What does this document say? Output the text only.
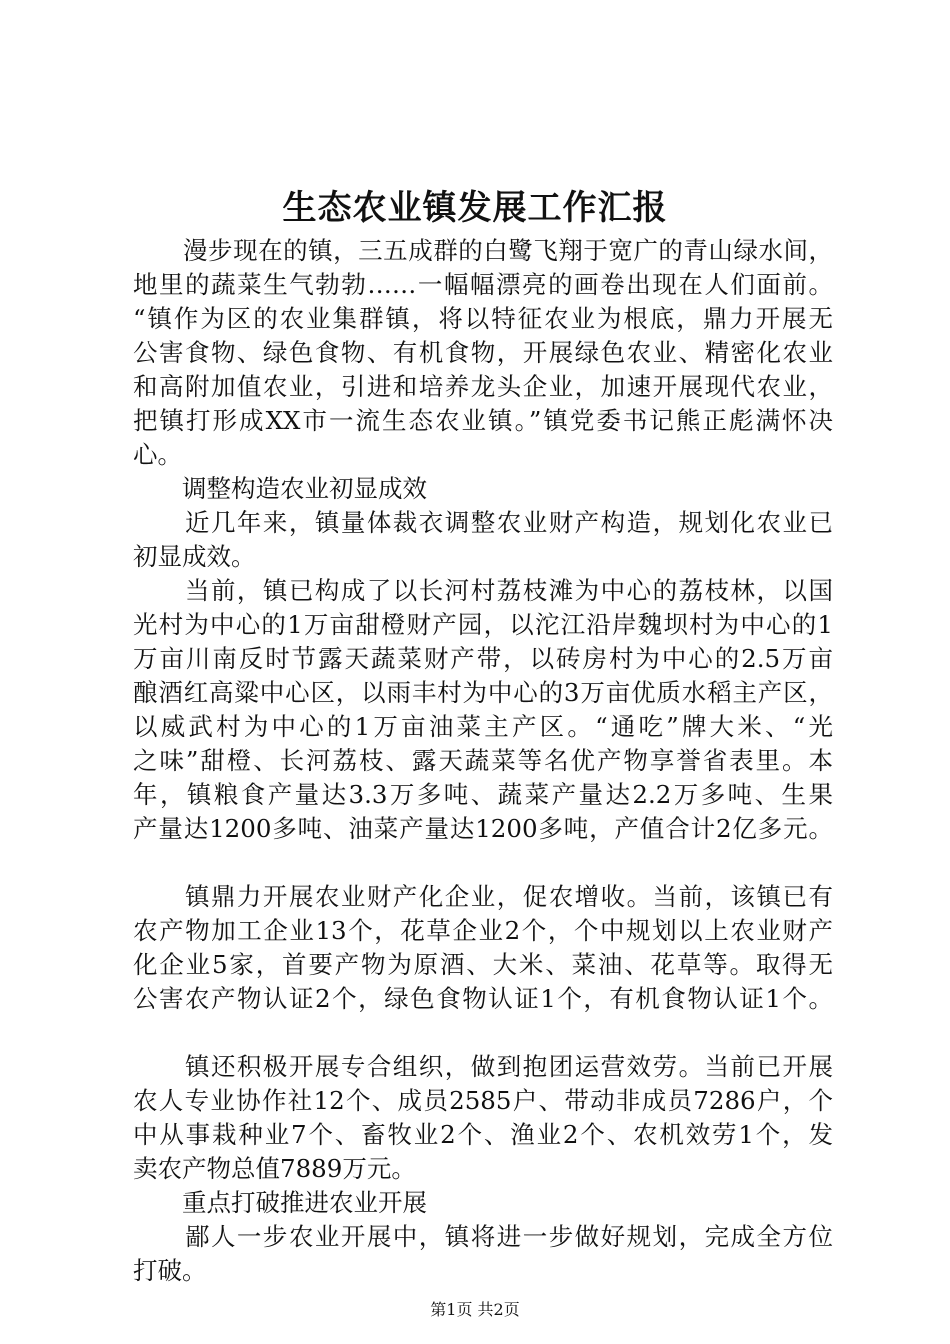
生态农业镇发展工作汇报
　　漫步现在的镇，三五成群的白鹭飞翔于宽广的青山绿水间，
地里的蔬菜生气勃勃……一幅幅漂亮的画卷出现在人们面前。
“镇作为区的农业集群镇，将以特征农业为根底，鼎力开展无
公害食物、绿色食物、有机食物，开展绿色农业、精密化农业
和高附加值农业，引进和培养龙头企业，加速开展现代农业，
把镇打形成XX市一流生态农业镇。”镇党委书记熊正彪满怀决
心。
　　调整构造农业初显成效
　　近几年来，镇量体裁衣调整农业财产构造，规划化农业已
初显成效。
　　当前，镇已构成了以长河村荔枝滩为中心的荔枝林，以国
光村为中心的1万亩甜橙财产园，以沱江沿岸魏坝村为中心的1
万亩川南反时节露天蔬菜财产带，以砖房村为中心的2.5万亩
酿酒红高粱中心区，以雨丰村为中心的3万亩优质水稻主产区，
以威武村为中心的1万亩油菜主产区。“通吃”牌大米、“光
之味”甜橙、长河荔枝、露天蔬菜等名优产物享誉省表里。本
年，镇粮食产量达3.3万多吨、蔬菜产量达2.2万多吨、生果
产量达1200多吨、油菜产量达1200多吨，产值合计2亿多元。
　　镇鼎力开展农业财产化企业，促农增收。当前，该镇已有
农产物加工企业13个，花草企业2个，个中规划以上农业财产
化企业5家，首要产物为原酒、大米、菜油、花草等。取得无
公害农产物认证2个，绿色食物认证1个，有机食物认证1个。
　　镇还积极开展专合组织，做到抱团运营效劳。当前已开展
农人专业协作社12个、成员2585户、带动非成员7286户，个
中从事栽种业7个、畜牧业2个、渔业2个、农机效劳1个，发
卖农产物总值7889万元。
　　重点打破推进农业开展
　　鄙人一步农业开展中，镇将进一步做好规划，完成全方位
第1页 共2页
打破。
